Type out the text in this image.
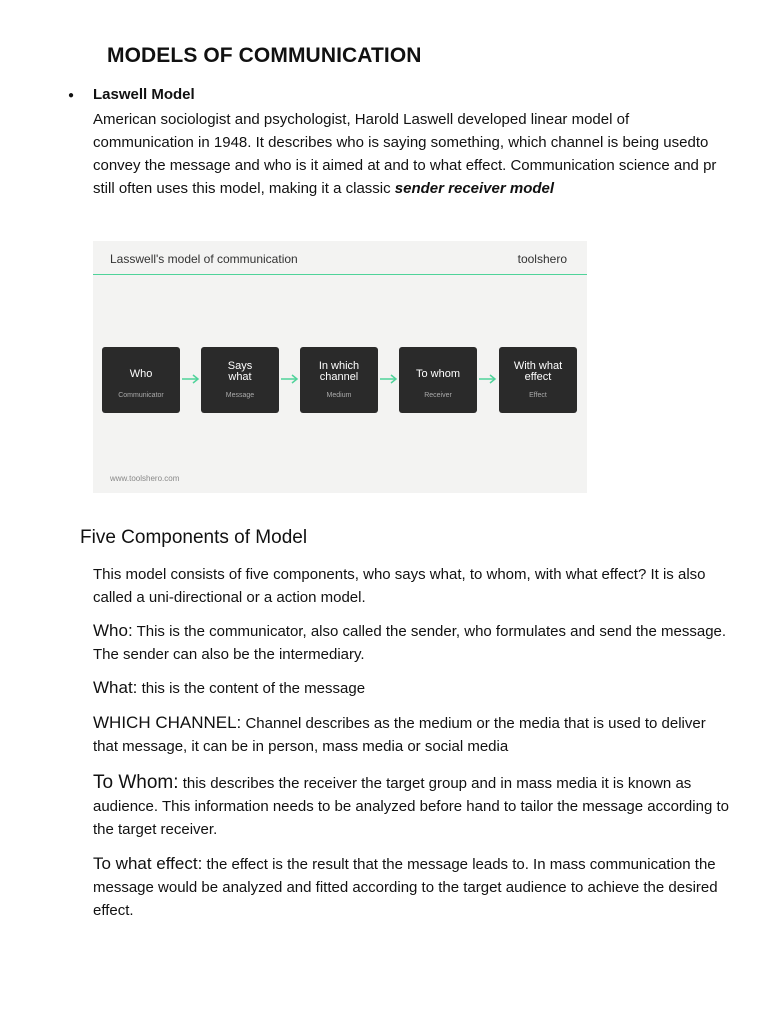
MODELS OF COMMUNICATION
● Laswell Model
American sociologist and psychologist, Harold Laswell developed linear model of communication in 1948. It describes who is saying something, which channel is being usedto convey the message and who is it aimed at and to what effect. Communication science and pr still often uses this model, making it a classic sender receiver model
Lasswell's model of communication	toolshero
Who
Communicator
Says what
Message
In which channel
Medium
To whom
Receiver
With what effect
Effect
www.toolshero.com
Five Components of Model
This model consists of five components, who says what, to whom, with what effect? It is also called a uni-directional or a action model.
Who: This is the communicator, also called the sender, who formulates and send the message. The sender can also be the intermediary.
What: this is the content of the message
WHICH CHANNEL: Channel describes as the medium or the media that is used to deliver that message, it can be in person, mass media or social media
To Whom: this describes the receiver the target group and in mass media it is known as audience. This information needs to be analyzed before hand to tailor the message according to the target receiver.
To what effect: the effect is the result that the message leads to. In mass communication the message would be analyzed and fitted according to the target audience to achieve the desired effect.
